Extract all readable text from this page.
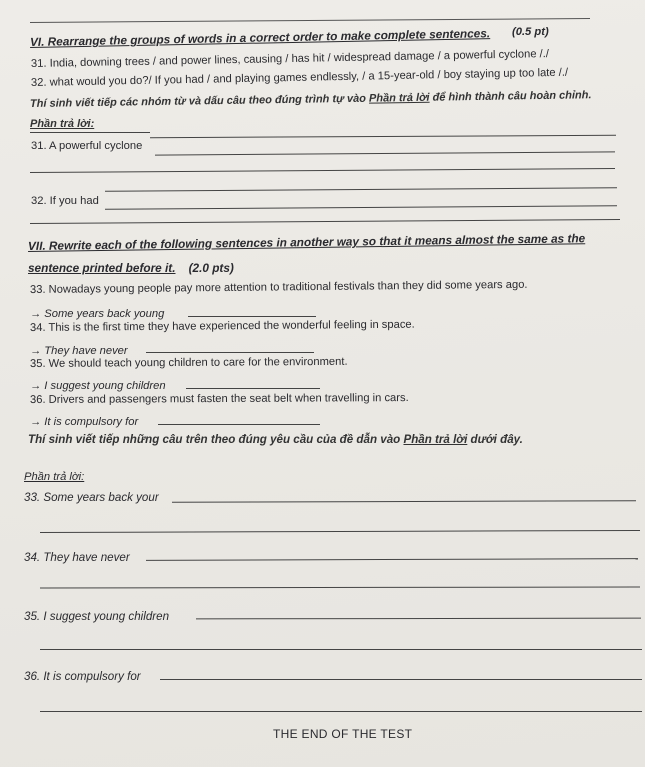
VI. Rearrange the groups of words in a correct order to make complete sentences. (0.5 pt)
31. India, downing trees / and power lines, causing / has hit / widespread damage / a powerful cyclone /./
32. what would you do?/ If you had / and playing games endlessly, / a 15-year-old / boy staying up too late /./
Thí sinh viết tiếp các nhóm từ và dấu câu theo đúng trình tự vào Phần trả lời để hình thành câu hoàn chỉnh.
Phần trả lời:
31. A powerful cyclone
32. If you had
VII. Rewrite each of the following sentences in another way so that it means almost the same as the
sentence printed before it. (2.0 pts)
33. Nowadays young people pay more attention to traditional festivals than they did some years ago.
→ Some years back young
34. This is the first time they have experienced the wonderful feeling in space.
→ They have never
35. We should teach young children to care for the environment.
→ I suggest young children
36. Drivers and passengers must fasten the seat belt when travelling in cars.
→ It is compulsory for
Thí sinh viết tiếp những câu trên theo đúng yêu cầu của đề dẫn vào Phần trả lời dưới đây.
Phần trả lời:
33. Some years back your
34. They have never
35. I suggest young children
36. It is compulsory for
THE END OF THE TEST
